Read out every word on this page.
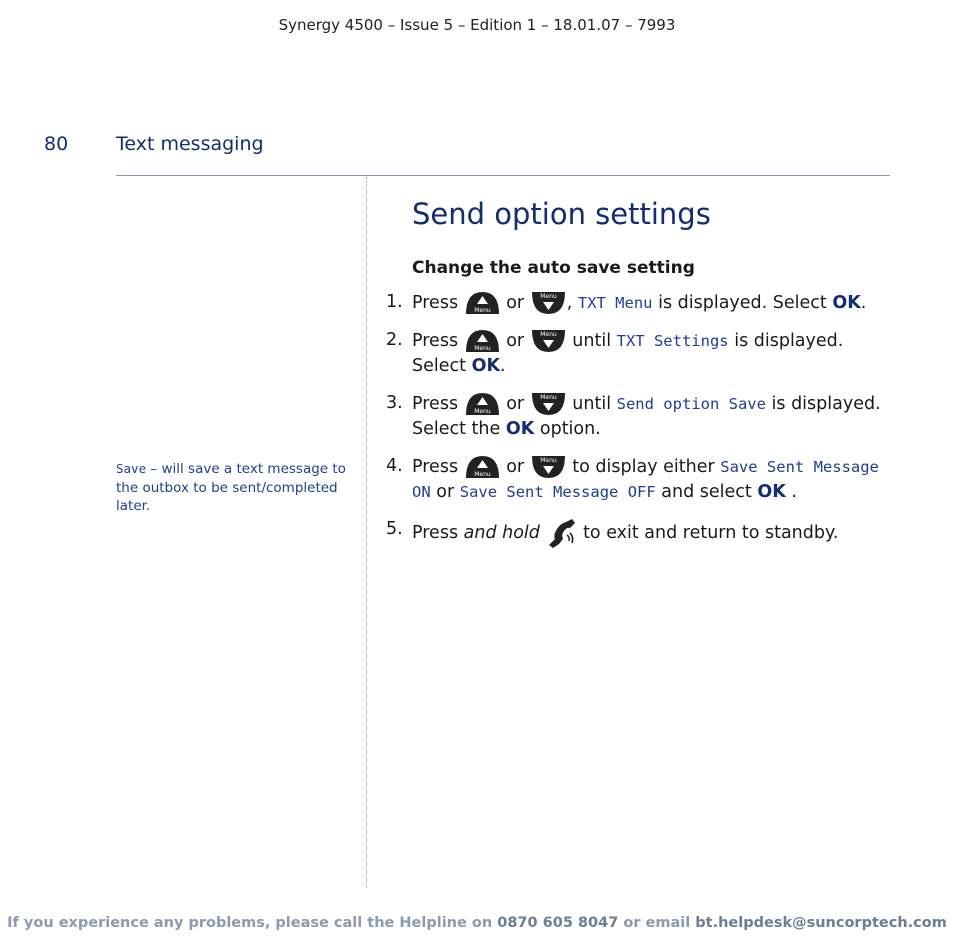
Synergy 4500 – Issue 5 – Edition 1 – 18.01.07 – 7993
80	Text messaging
Send option settings
Change the auto save setting
1. Press	Menu or	Menu , TXT Menu is displayed. Select OK.
2. Press	Menu or	Menu until TXT Settings is displayed.
Select OK.
3. Press	Menu or	Menu until Send option Save is displayed.
Select the OK option.
4. Press	Menu or	Menu to display either Save Sent Message ON or Save Sent Message OFF and select OK .
5. Press and hold to exit and return to standby.
Save – will save a text message to the outbox to be sent/completed later.
If you experience any problems, please call the Helpline on 0870 605 8047 or email bt.helpdesk@suncorptech.com
